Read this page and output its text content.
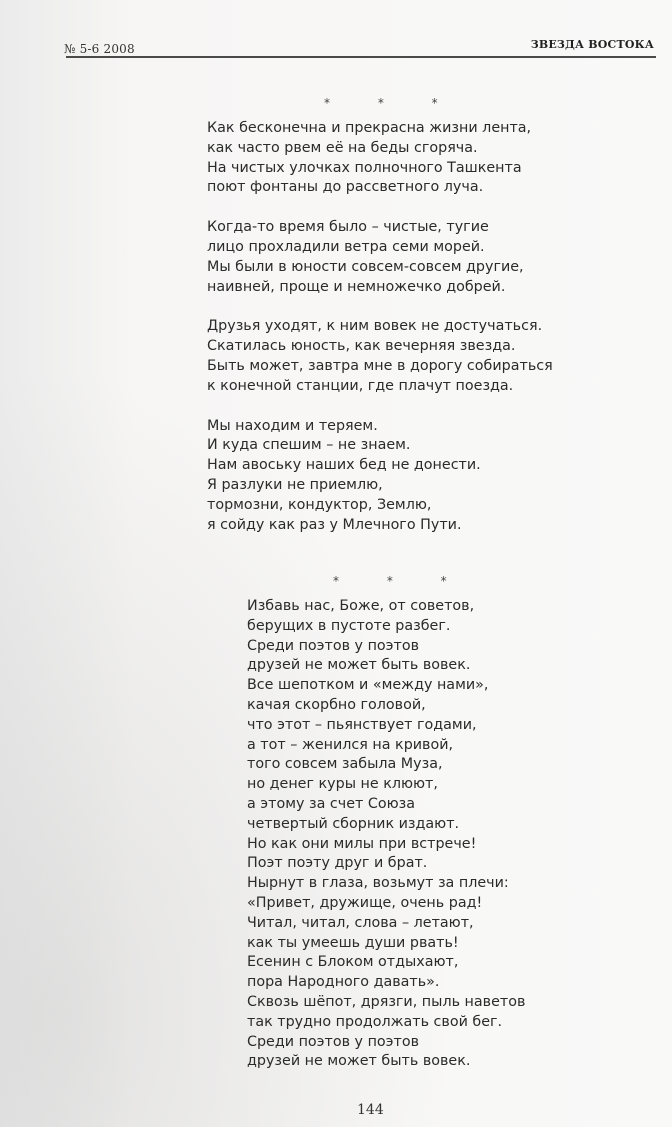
№ 5-6 2008	ЗВЕЗДА ВОСТОКА
* * *
Как бесконечна и прекрасна жизни лента,
как часто рвем её на беды сгоряча.
На чистых улочках полночного Ташкента
поют фонтаны до рассветного луча.
Когда-то время было – чистые, тугие
лицо прохладили ветра семи морей.
Мы были в юности совсем-совсем другие,
наивней, проще и немножечко добрей.
Друзья уходят, к ним вовек не достучаться.
Скатилась юность, как вечерняя звезда.
Быть может, завтра мне в дорогу собираться
к конечной станции, где плачут поезда.
Мы находим и теряем.
И куда спешим – не знаем.
Нам авоську наших бед не донести.
Я разлуки не приемлю,
тормозни, кондуктор, Землю,
я сойду как раз у Млечного Пути.
* * *
Избавь нас, Боже, от советов,
берущих в пустоте разбег.
Среди поэтов у поэтов
друзей не может быть вовек.
Все шепотком и «между нами»,
качая скорбно головой,
что этот – пьянствует годами,
а тот – женился на кривой,
того совсем забыла Муза,
но денег куры не клюют,
а этому за счет Союза
четвертый сборник издают.
Но как они милы при встрече!
Поэт поэту друг и брат.
Нырнут в глаза, возьмут за плечи:
«Привет, дружище, очень рад!
Читал, читал, слова – летают,
как ты умеешь души рвать!
Есенин с Блоком отдыхают,
пора Народного давать».
Сквозь шёпот, дрязги, пыль наветов
так трудно продолжать свой бег.
Среди поэтов у поэтов
друзей не может быть вовек.
144
